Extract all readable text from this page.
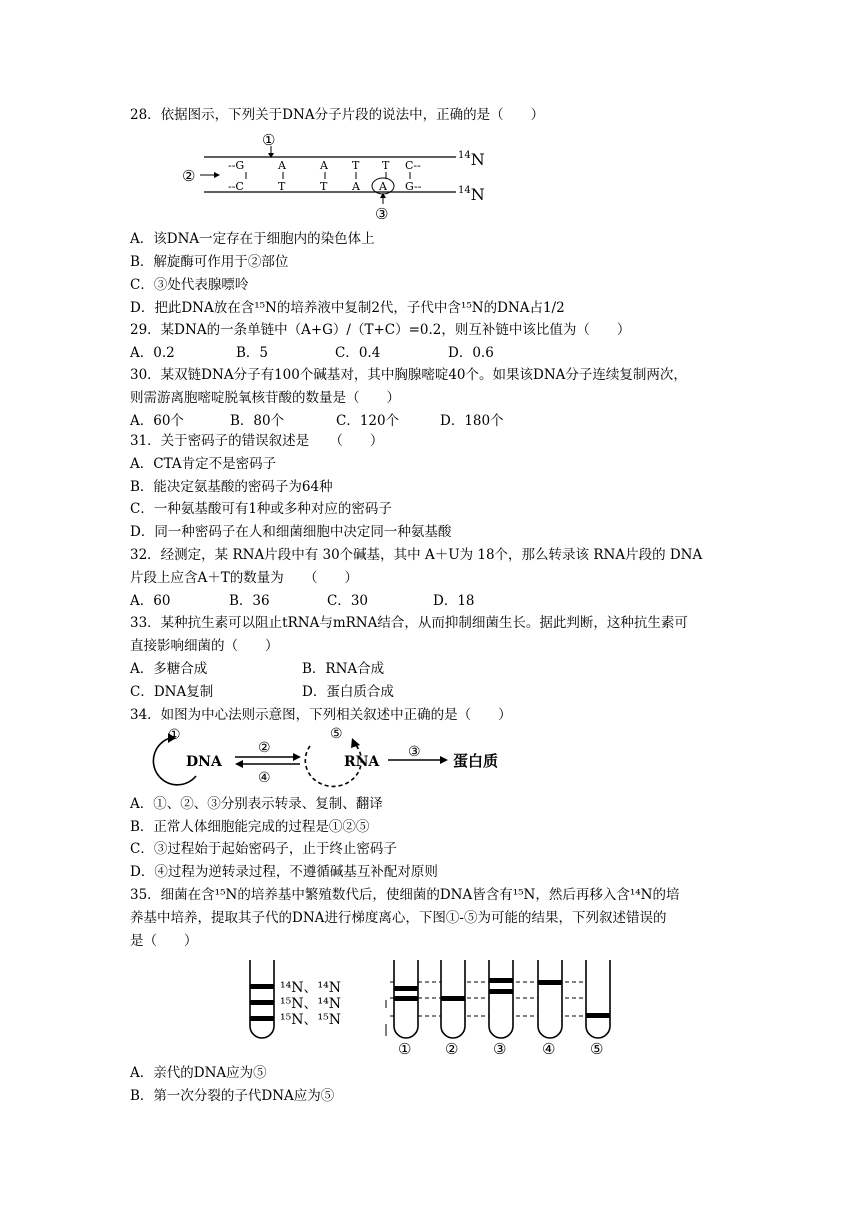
28．依据图示，下列关于DNA分子片段的说法中，正确的是（　　）
$^{14}$N
$^{14}$N
①
②
--G	A	A T T C--
--C	T	T A A G--
③
A．该DNA一定存在于细胞内的染色体上
B．解旋酶可作用于②部位
C．③处代表腺嘌呤
D．把此DNA放在含¹⁵N的培养液中复制2代，子代中含¹⁵N的DNA占1/2
29．某DNA的一条单链中（A+G）/（T+C）=0.2，则互补链中该比值为（　　）
A．0.2	B．5	C．0.4	D．0.6
30．某双链DNA分子有100个碱基对，其中胸腺嘧啶40个。如果该DNA分子连续复制两次，
则需游离胞嘧啶脱氧核苷酸的数量是（　　）
A．60个	B．80个	C．120个	D．180个
31．关于密码子的错误叙述是　　（　　）
A．CTA肯定不是密码子
B．能决定氨基酸的密码子为64种
C．一种氨基酸可有1种或多种对应的密码子
D．同一种密码子在人和细菌细胞中决定同一种氨基酸
32．经测定，某 RNA片段中有 30个碱基，其中 A＋U为 18个，那么转录该 RNA片段的 DNA
片段上应含A＋T的数量为　　（　　）
A．60	B．36	C．30	D．18
33．某种抗生素可以阻止tRNA与mRNA结合，从而抑制细菌生长。据此判断，这种抗生素可
直接影响细菌的（　　）
A．多糖合成	B．RNA合成
C．DNA复制	D．蛋白质合成
34．如图为中心法则示意图，下列相关叙述中正确的是（　　）
①
DNA
②
④
⑤
RNA
③ 蛋白质
A．①、②、③分别表示转录、复制、翻译
B．正常人体细胞能完成的过程是①②⑤
C．③过程始于起始密码子，止于终止密码子
D．④过程为逆转录过程，不遵循碱基互补配对原则
35．细菌在含¹⁵N的培养基中繁殖数代后，使细菌的DNA皆含有¹⁵N，然后再移入含¹⁴N的培
养基中培养，提取其子代的DNA进行梯度离心，下图①-⑤为可能的结果，下列叙述错误的
是（　　）
¹⁴N、¹⁴N
¹⁵N、¹⁴N
¹⁵N、¹⁵N
① ② ③ ④ ⑤
A．亲代的DNA应为⑤
B．第一次分裂的子代DNA应为⑤
